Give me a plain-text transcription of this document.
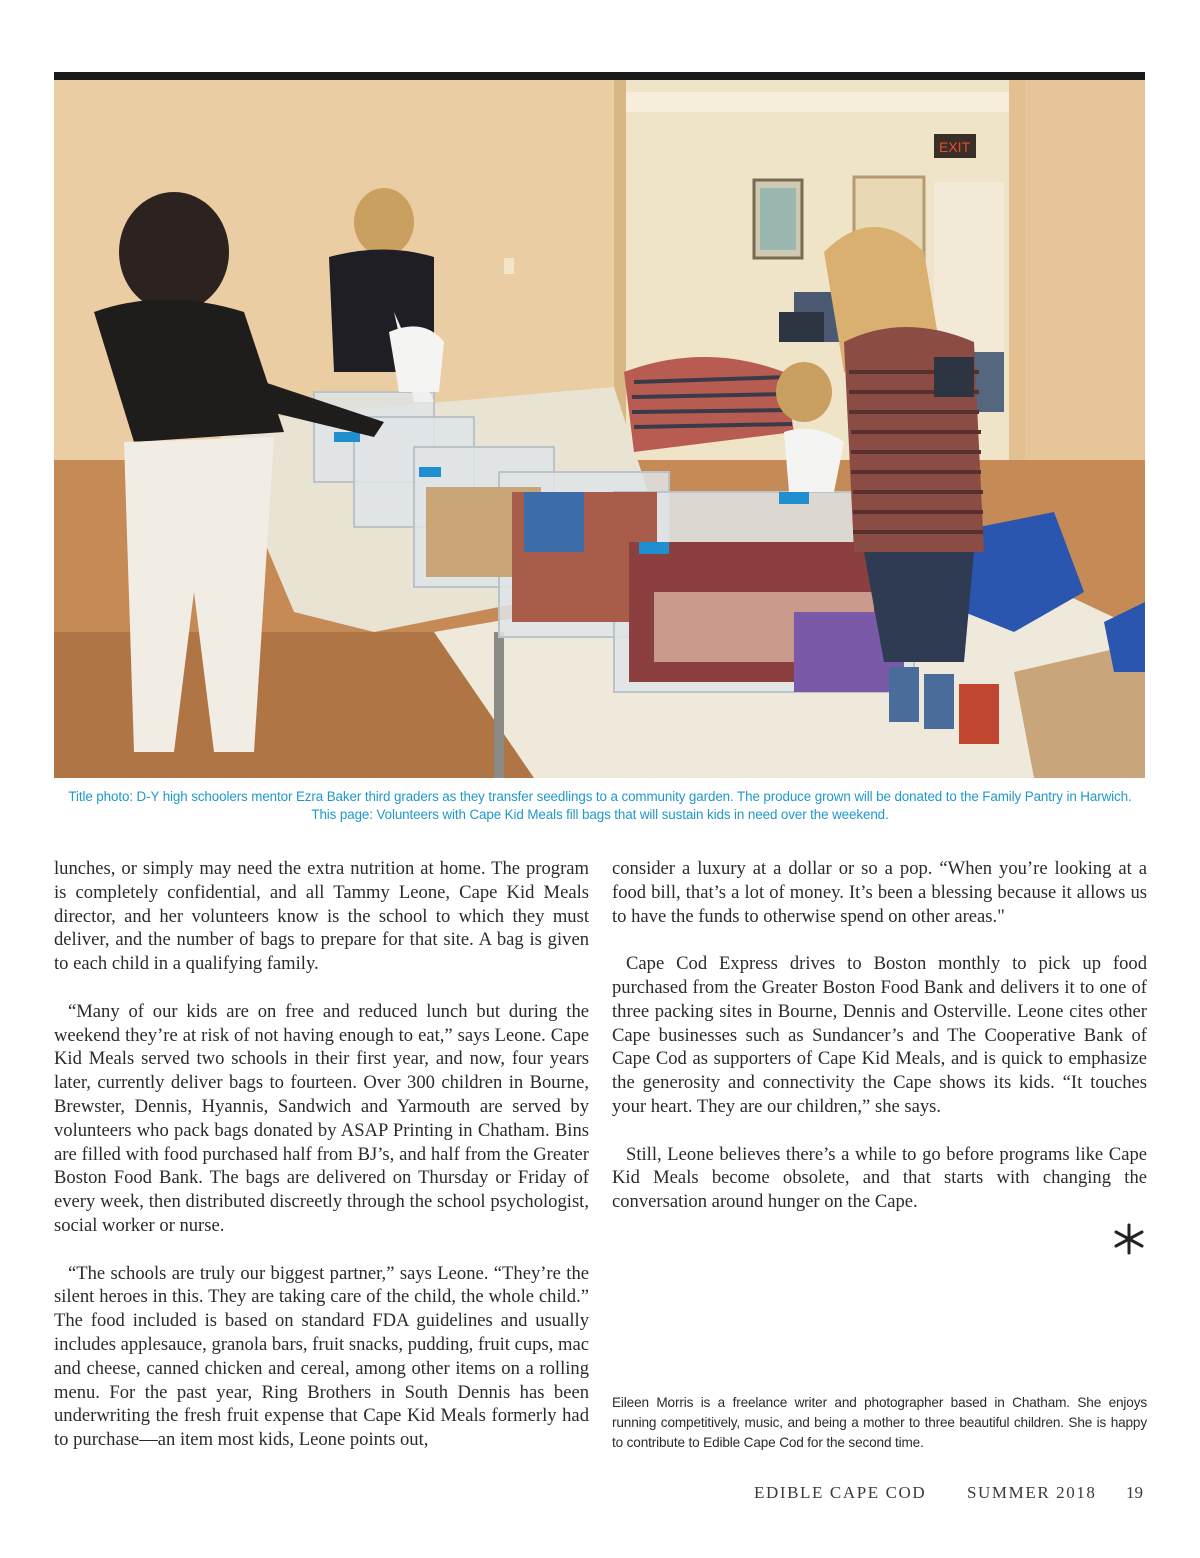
EXIT
Title photo: D-Y high schoolers mentor Ezra Baker third graders as they transfer seedlings to a community garden. The produce grown will be donated to the Family Pantry in Harwich. This page: Volunteers with Cape Kid Meals fill bags that will sustain kids in need over the weekend.

lunches, or simply may need the extra nutrition at home. The program is completely confidential, and all Tammy Leone, Cape Kid Meals director, and her volunteers know is the school to which they must deliver, and the number of bags to prepare for that site. A bag is given to each child in a qualifying family.

“Many of our kids are on free and reduced lunch but during the weekend they’re at risk of not having enough to eat,” says Leone. Cape Kid Meals served two schools in their first year, and now, four years later, currently deliver bags to fourteen. Over 300 children in Bourne, Brewster, Dennis, Hyannis, Sandwich and Yarmouth are served by volunteers who pack bags donated by ASAP Printing in Chatham. Bins are filled with food purchased half from BJ’s, and half from the Greater Boston Food Bank. The bags are delivered on Thursday or Friday of every week, then distributed discreetly through the school psychologist, social worker or nurse.

“The schools are truly our biggest partner,” says Leone. “They’re the silent heroes in this. They are taking care of the child, the whole child.” The food included is based on standard FDA guidelines and usually includes applesauce, granola bars, fruit snacks, pudding, fruit cups, mac and cheese, canned chicken and cereal, among other items on a rolling menu. For the past year, Ring Brothers in South Dennis has been underwriting the fresh fruit expense that Cape Kid Meals formerly had to purchase—an item most kids, Leone points out,

consider a luxury at a dollar or so a pop. “When you’re looking at a food bill, that’s a lot of money. It’s been a blessing because it allows us to have the funds to otherwise spend on other areas."

Cape Cod Express drives to Boston monthly to pick up food purchased from the Greater Boston Food Bank and delivers it to one of three packing sites in Bourne, Dennis and Osterville. Leone cites other Cape businesses such as Sundancer’s and The Cooperative Bank of Cape Cod as supporters of Cape Kid Meals, and is quick to emphasize the generosity and connectivity the Cape shows its kids. “It touches your heart. They are our children,” she says.

Still, Leone believes there’s a while to go before programs like Cape Kid Meals become obsolete, and that starts with changing the conversation around hunger on the Cape.

Eileen Morris is a freelance writer and photographer based in Chatham. She enjoys running competitively, music, and being a mother to three beautiful children. She is happy to contribute to Edible Cape Cod for the second time.
EDIBLE CAPE COD SUMMER 2018 19
